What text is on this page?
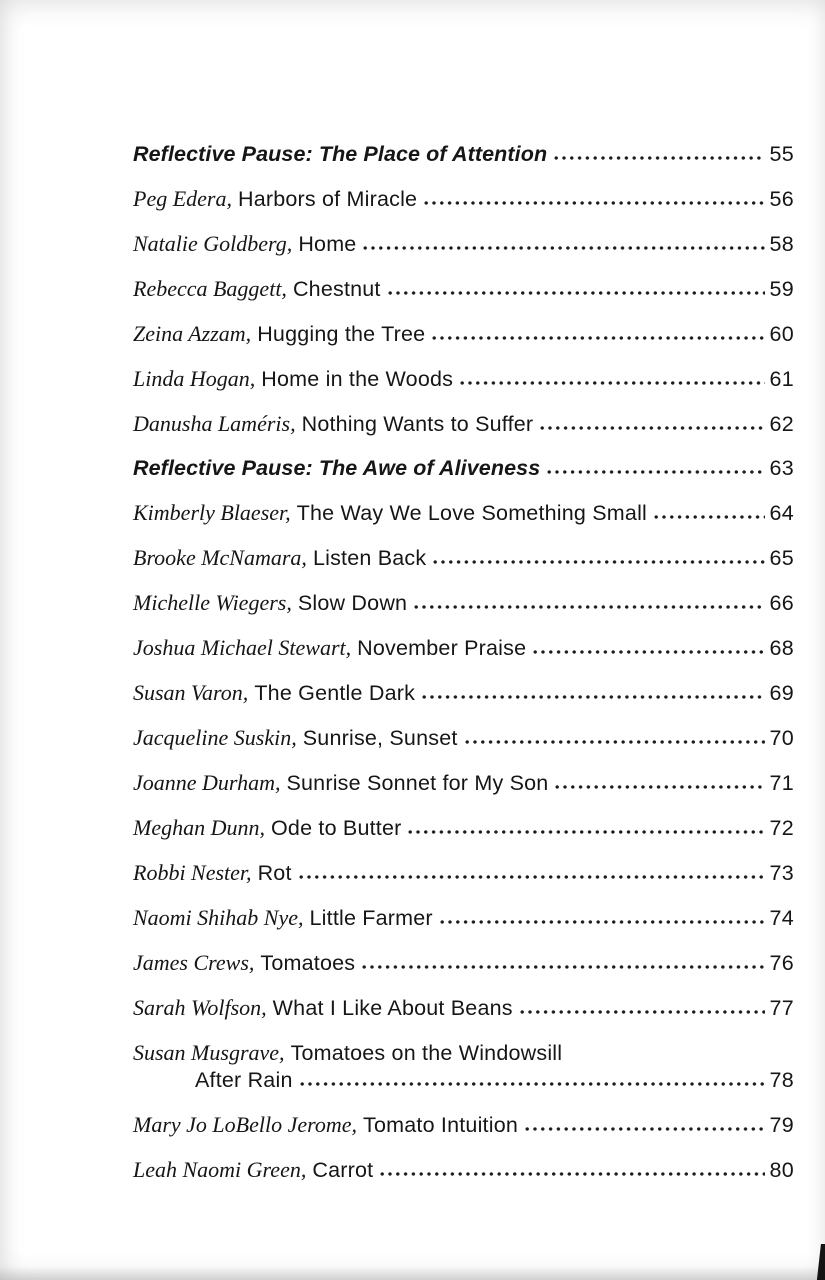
Reflective Pause: The Place of Attention	55
Peg Edera, Harbors of Miracle	56
Natalie Goldberg, Home	58
Rebecca Baggett, Chestnut	59
Zeina Azzam, Hugging the Tree	60
Linda Hogan, Home in the Woods	61
Danusha Laméris, Nothing Wants to Suffer	62
Reflective Pause: The Awe of Aliveness	63
Kimberly Blaeser, The Way We Love Something Small	64
Brooke McNamara, Listen Back	65
Michelle Wiegers, Slow Down	66
Joshua Michael Stewart, November Praise	68
Susan Varon, The Gentle Dark	69
Jacqueline Suskin, Sunrise, Sunset	70
Joanne Durham, Sunrise Sonnet for My Son	71
Meghan Dunn, Ode to Butter	72
Robbi Nester, Rot	73
Naomi Shihab Nye, Little Farmer	74
James Crews, Tomatoes	76
Sarah Wolfson, What I Like About Beans	77
Susan Musgrave, Tomatoes on the Windowsill
After Rain	78
Mary Jo LoBello Jerome, Tomato Intuition	79
Leah Naomi Green, Carrot	80
